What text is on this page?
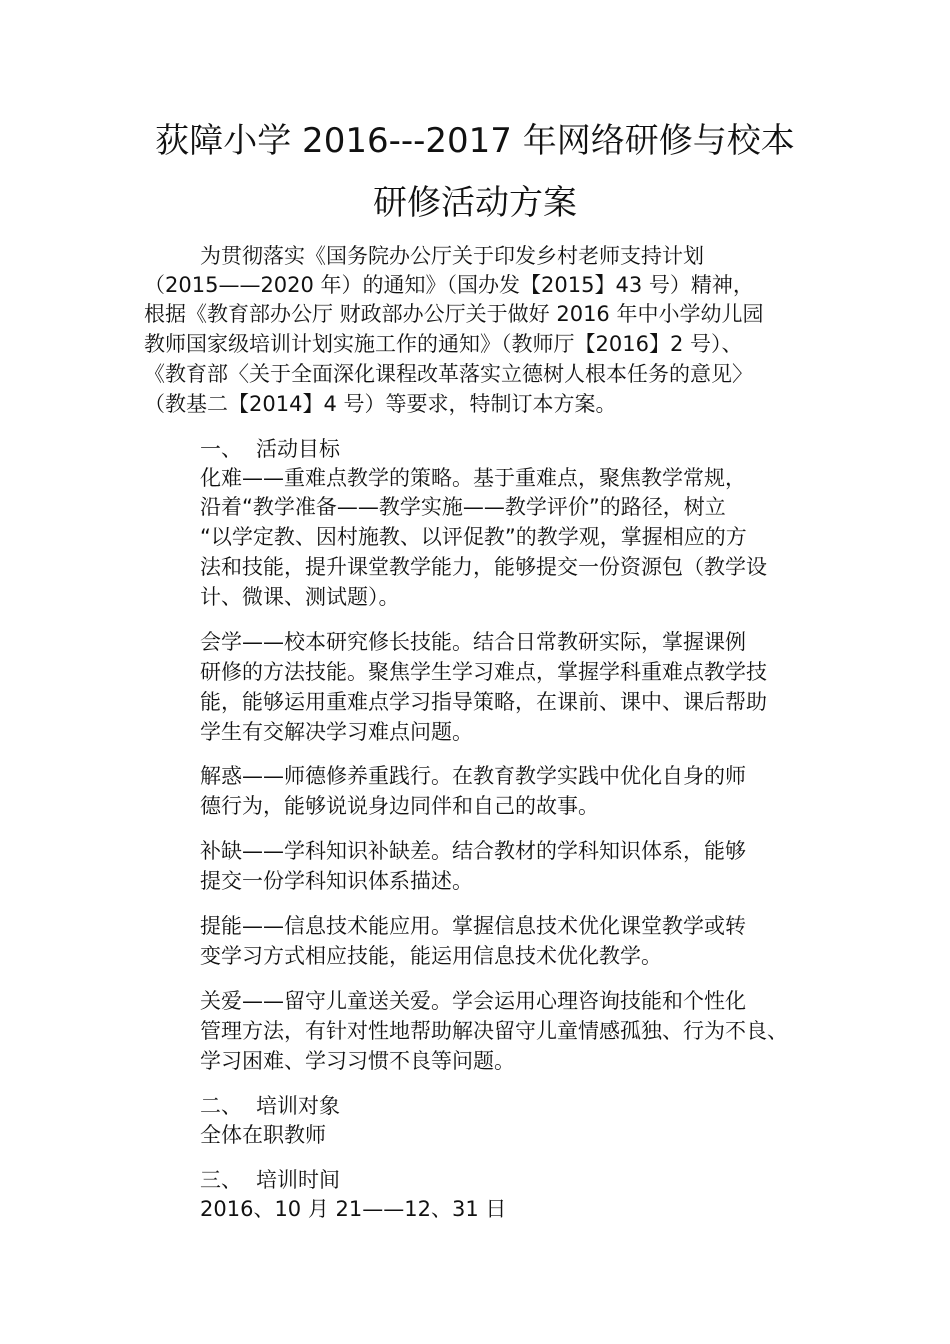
荻障小学 2016---2017 年网络研修与校本
研修活动方案
为贯彻落实《国务院办公厅关于印发乡村老师支持计划
（2015——2020 年）的通知》（国办发【2015】43 号）精神，
根据《教育部办公厅 财政部办公厅关于做好 2016 年中小学幼儿园
教师国家级培训计划实施工作的通知》（教师厅【2016】2 号）、
《教育部〈关于全面深化课程改革落实立德树人根本任务的意见〉
（教基二【2014】4 号）等要求，特制订本方案。
一、 活动目标
化难——重难点教学的策略。基于重难点，聚焦教学常规，
沿着“教学准备——教学实施——教学评价”的路径，树立
“以学定教、因村施教、以评促教”的教学观，掌握相应的方
法和技能，提升课堂教学能力，能够提交一份资源包（教学设
计、微课、测试题）。
会学——校本研究修长技能。结合日常教研实际，掌握课例
研修的方法技能。聚焦学生学习难点，掌握学科重难点教学技
能，能够运用重难点学习指导策略，在课前、课中、课后帮助
学生有交解决学习难点问题。
解惑——师德修养重践行。在教育教学实践中优化自身的师
德行为，能够说说身边同伴和自己的故事。
补缺——学科知识补缺差。结合教材的学科知识体系，能够
提交一份学科知识体系描述。
提能——信息技术能应用。掌握信息技术优化课堂教学或转
变学习方式相应技能，能运用信息技术优化教学。
关爱——留守儿童送关爱。学会运用心理咨询技能和个性化
管理方法，有针对性地帮助解决留守儿童情感孤独、行为不良、
学习困难、学习习惯不良等问题。
二、 培训对象
全体在职教师
三、 培训时间
2016、10 月 21——12、31 日
